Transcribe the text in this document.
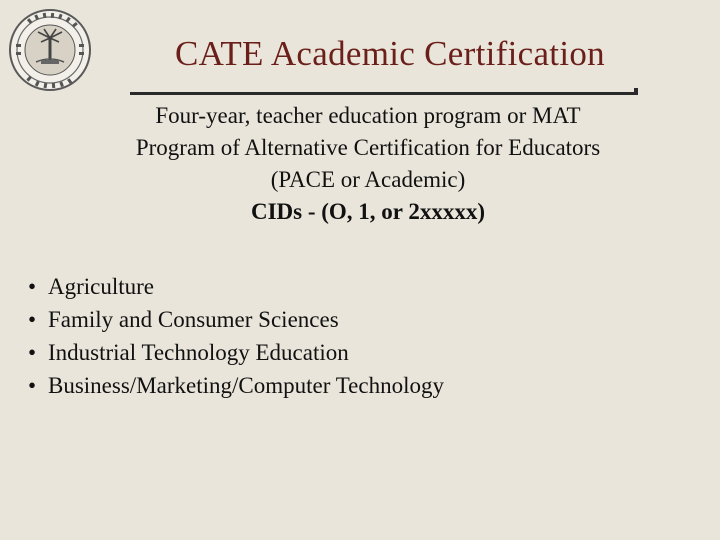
CATE Academic Certification
Four-year, teacher education program or MAT
Program of Alternative Certification for Educators
(PACE or Academic)
CIDs - (O, 1, or 2xxxxx)
• Agriculture
• Family and Consumer Sciences
• Industrial Technology Education
• Business/Marketing/Computer Technology
